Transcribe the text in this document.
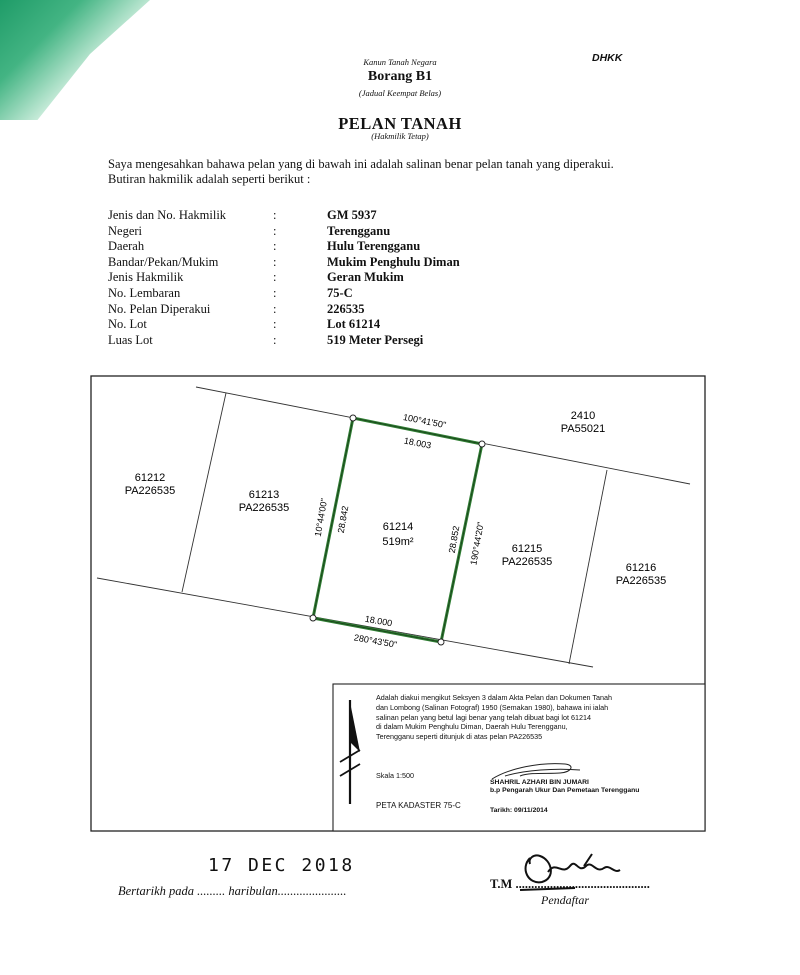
Kanun Tanah Negara	DHKK
Borang B1
(Jadual Keempat Belas)
PELAN TANAH
(Hakmilik Tetap)
Saya mengesahkan bahawa pelan yang di bawah ini adalah salinan benar pelan tanah yang diperakui.
Butiran hakmilik adalah seperti berikut :
Jenis dan No. Hakmilik	:	GM 5937
Negeri	:	Terengganu
Daerah	:	Hulu Terengganu
Bandar/Pekan/Mukim	:	Mukim Penghulu Diman
Jenis Hakmilik	:	Geran Mukim
No. Lembaran	:	75-C
No. Pelan Diperakui	:	226535
No. Lot	:	Lot 61214
Luas Lot	:	519 Meter Persegi
100°41'50"
18.003
18.000
280°43'50"
10°44'00" 28.842
28.852 190°44'20"
61214
519m²
2410
PA55021
61212
PA226535	61213
PA226535
61215
PA226535	61216
PA226535
Adalah diakui mengikut Seksyen 3 dalam Akta Pelan dan Dokumen Tanah
dan Lombong (Salinan Fotograf) 1950 (Semakan 1980), bahawa ini ialah
salinan pelan yang betul lagi benar yang telah dibuat bagi lot 61214
di dalam Mukim Penghulu Diman, Daerah Hulu Terengganu,
Terengganu seperti ditunjuk di atas pelan PA226535
Skala 1:500
PETA KADASTER 75-C
SHAHRIL AZHARI BIN JUMARI
b.p Pengarah Ukur Dan Pemetaan Terengganu
Tarikh: 09/11/2014
17 DEC 2018
Bertarikh pada ......... haribulan......................	T.M ...........................................
Pendaftar
